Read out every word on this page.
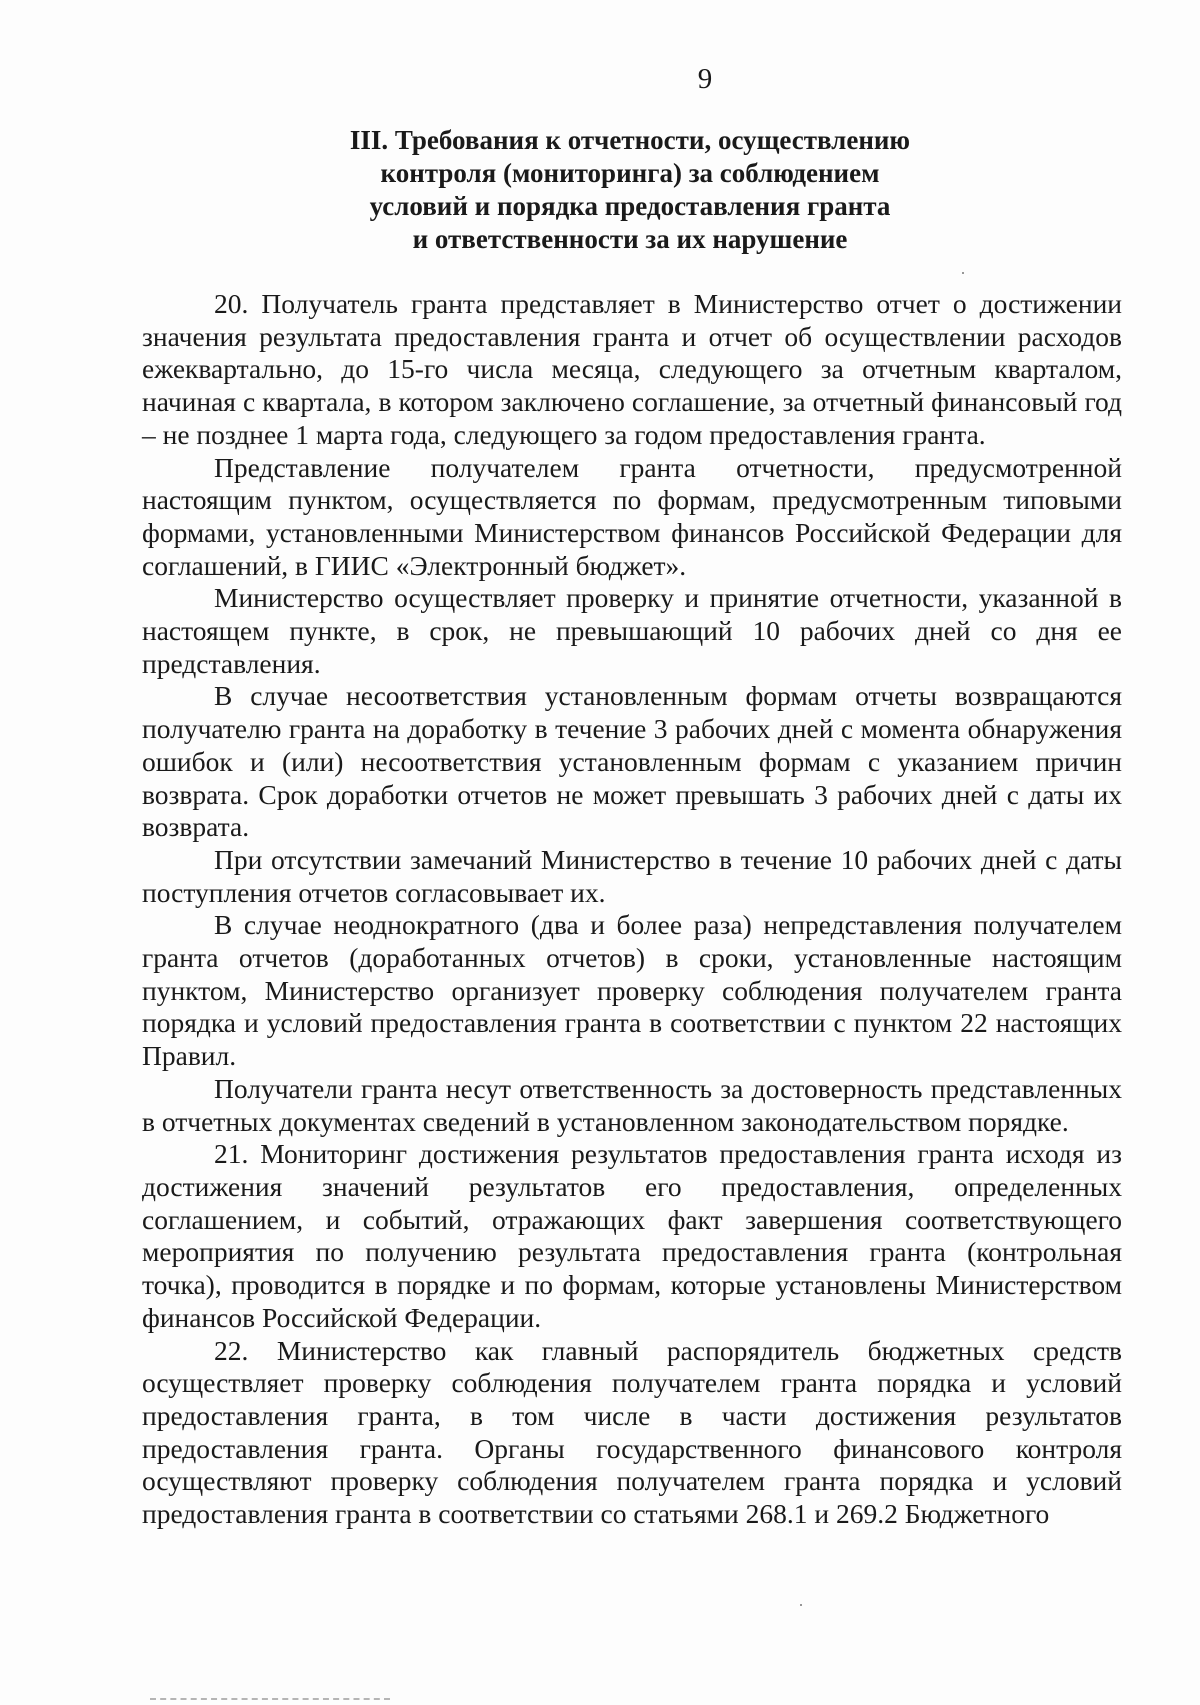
9
III. Требования к отчетности, осуществлению
контроля (мониторинга) за соблюдением
условий и порядка предоставления гранта
и ответственности за их нарушение

20. Получатель гранта представляет в Министерство отчет о достижении значения результата предоставления гранта и отчет об осуществлении расходов ежеквартально, до 15-го числа месяца, следующего за отчетным кварталом, начиная с квартала, в котором заключено соглашение, за отчетный финансовый год – не позднее 1 марта года, следующего за годом предоставления гранта.

Представление получателем гранта отчетности, предусмотренной настоящим пунктом, осуществляется по формам, предусмотренным типовыми формами, установленными Министерством финансов Российской Федерации для соглашений, в ГИИС «Электронный бюджет».

Министерство осуществляет проверку и принятие отчетности, указанной в настоящем пункте, в срок, не превышающий 10 рабочих дней со дня ее представления.

В случае несоответствия установленным формам отчеты возвращаются получателю гранта на доработку в течение 3 рабочих дней с момента обнаружения ошибок и (или) несоответствия установленным формам с указанием причин возврата. Срок доработки отчетов не может превышать 3 рабочих дней с даты их возврата.

При отсутствии замечаний Министерство в течение 10 рабочих дней с даты поступления отчетов согласовывает их.

В случае неоднократного (два и более раза) непредставления получателем гранта отчетов (доработанных отчетов) в сроки, установленные настоящим пунктом, Министерство организует проверку соблюдения получателем гранта порядка и условий предоставления гранта в соответствии с пунктом 22 настоящих Правил.

Получатели гранта несут ответственность за достоверность представленных в отчетных документах сведений в установленном законодательством порядке.

21. Мониторинг достижения результатов предоставления гранта исходя из достижения значений результатов его предоставления, определенных соглашением, и событий, отражающих факт завершения соответствующего мероприятия по получению результата предоставления гранта (контрольная точка), проводится в порядке и по формам, которые установлены Министерством финансов Российской Федерации.

22. Министерство как главный распорядитель бюджетных средств осуществляет проверку соблюдения получателем гранта порядка и условий предоставления гранта, в том числе в части достижения результатов предоставления гранта. Органы государственного финансового контроля осуществляют проверку соблюдения получателем гранта порядка и условий предоставления гранта в соответствии со статьями 268.1 и 269.2 Бюджетного
